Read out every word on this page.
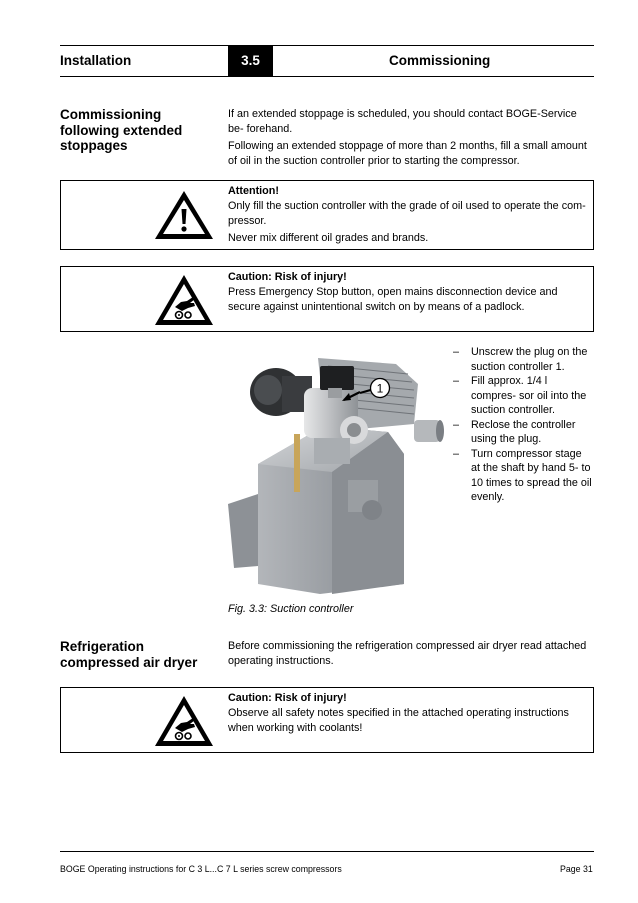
Installation	3.5	Commissioning
Commissioning following extended stoppages

If an extended stoppage is scheduled, you should contact BOGE-Service be- forehand.

Following an extended stoppage of more than 2 months, fill a small amount of oil in the suction controller prior to starting the compressor.

Attention!
Only fill the suction controller with the grade of oil used to operate the com- pressor.
Never mix different oil grades and brands.
Caution: Risk of injury!
Press Emergency Stop button, open mains disconnection device and secure against unintentional switch on by means of a padlock.
1
– Unscrew the plug on the suction controller 1.
– Fill approx. 1/4 l compres- sor oil into the suction controller.
– Reclose the controller using the plug.
– Turn compressor stage at the shaft by hand 5- to 10 times to spread the oil evenly.
Fig. 3.3: Suction controller
Refrigeration compressed air dryer

Before commissioning the refrigeration compressed air dryer read attached operating instructions.

Caution: Risk of injury!
Observe all safety notes specified in the attached operating instructions when working with coolants!
BOGE Operating instructions for C 3 L...C 7 L series screw compressors	Page 31
